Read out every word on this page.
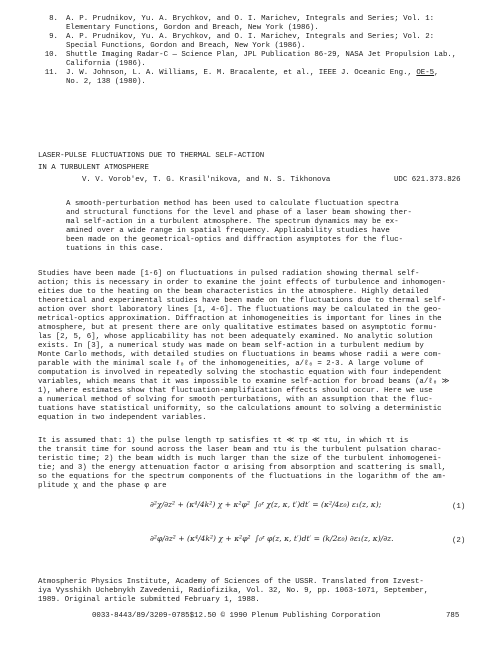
8.	A. P. Prudnikov, Yu. A. Brychkov, and O. I. Marichev, Integrals and Series; Vol. 1:
Elementary Functions, Gordon and Breach, New York (1986).
9.	A. P. Prudnikov, Yu. A. Brychkov, and O. I. Marichev, Integrals and Series; Vol. 2:
Special Functions, Gordon and Breach, New York (1986).
10.	Shuttle Imaging Radar-C — Science Plan, JPL Publication 86-29, NASA Jet Propulsion Lab.,
California (1986).
11.	J. W. Johnson, L. A. Williams, E. M. Bracalente, et al., IEEE J. Oceanic Eng., OE-5,
No. 2, 138 (1980).
LASER-PULSE FLUCTUATIONS DUE TO THERMAL SELF-ACTION
IN A TURBULENT ATMOSPHERE
V. V. Vorob'ev, T. G. Krasil'nikova, and N. S. Tikhonova	UDC 621.373.826
A smooth-perturbation method has been used to calculate fluctuation spectra
and structural functions for the level and phase of a laser beam showing ther-
mal self-action in a turbulent atmosphere. The spectrum dynamics may be ex-
amined over a wide range in spatial frequency. Applicability studies have
been made on the geometrical-optics and diffraction asymptotes for the fluc-
tuations in this case.
Studies have been made [1-6] on fluctuations in pulsed radiation showing thermal self-
action; this is necessary in order to examine the joint effects of turbulence and inhomogen-
eities due to the heating on the beam characteristics in the atmosphere. Highly detailed
theoretical and experimental studies have been made on the fluctuations due to thermal self-
action over short laboratory lines [1, 4-6]. The fluctuations may be calculated in the geo-
metrical-optics approximation. Diffraction at inhomogeneities is important for lines in the
atmosphere, but at present there are only qualitative estimates based on asymptotic formu-
las [2, 5, 6], whose applicability has not been adequately examined. No analytic solution
exists. In [3], a numerical study was made on beam self-action in a turbulent medium by
Monte Carlo methods, with detailed studies on fluctuations in beams whose radii a were com-
parable with the minimal scale ℓ₀ of the inhomogeneities, a/ℓ₀ = 2-3. A large volume of
computation is involved in repeatedly solving the stochastic equation with four independent
variables, which means that it was impossible to examine self-action for broad beams (a/ℓ₀ ≫
1), where estimates show that fluctuation-amplification effects should occur. Here we use
a numerical method of solving for smooth perturbations, with an assumption that the fluc-
tuations have statistical uniformity, so the calculations amount to solving a deterministic
equation in two independent variables.
It is assumed that: 1) the pulse length τp satisfies τt ≪ τp ≪ τtu, in which τt is
the transit time for sound across the laser beam and τtu is the turbulent pulsation charac-
teristic time; 2) the beam width is much larger than the size of the turbulent inhomogenei-
tie; and 3) the energy attenuation factor α arising from absorption and scattering is small,
so the equations for the spectrum components of the fluctuations in the logarithm of the am-
plitude χ and the phase φ are
∂²χ/∂z² + (κ⁴/4k²) χ + κ²φ² ∫₀ᶻ χ(z, κ, t′)dt′ = (κ²/4ε₀) ε₁(z, κ);	(1)
∂²φ/∂z² + (κ⁴/4k²) χ + κ²φ² ∫₀ᶻ φ(z, κ, t′)dt′ = (k/2ε₀) ∂ε₁(z, κ)/∂z.	(2)
Atmospheric Physics Institute, Academy of Sciences of the USSR. Translated from Izvest-
iya Vysshikh Uchebnykh Zavedenii, Radiofizika, Vol. 32, No. 9, pp. 1063-1071, September,
1989. Original article submitted February 1, 1988.
0033-8443/89/3209-0785$12.50 © 1990 Plenum Publishing Corporation	785
